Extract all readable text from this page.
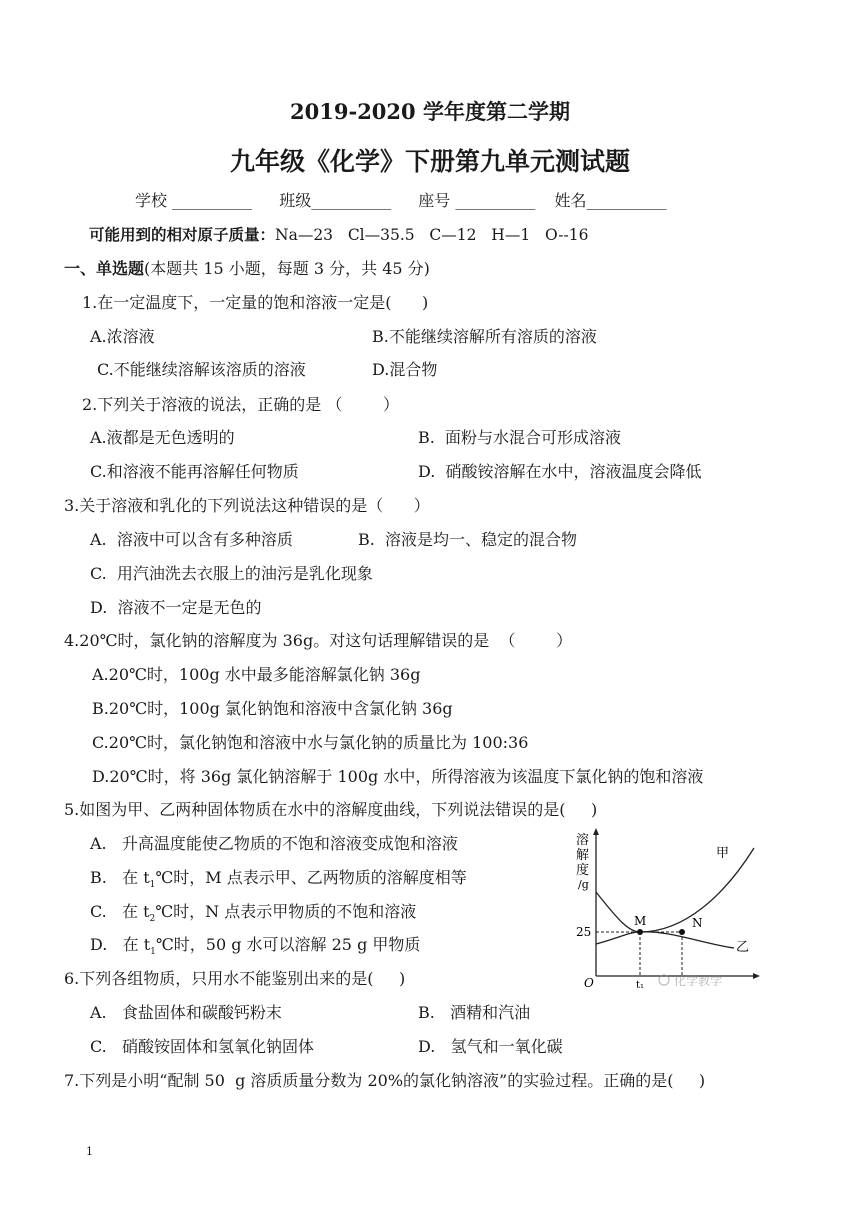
2019-2020 学年度第二学期
九年级《化学》下册第九单元测试题
学校 __________ 班级__________ 座号 __________ 姓名__________
可能用到的相对原子质量：Na—23   Cl—35.5   C—12   H—1   O--16
一、单选题(本题共 15 小题，每题 3 分，共 45 分)
1.在一定温度下，一定量的饱和溶液一定是(      )
A.浓溶液	B.不能继续溶解所有溶质的溶液
C.不能继续溶解该溶质的溶液	D.混合物
2.下列关于溶液的说法，正确的是 （        ）
A.液都是无色透明的	B.  面粉与水混合可形成溶液
C.和溶液不能再溶解任何物质	D.  硝酸铵溶解在水中，溶液温度会降低
3.关于溶液和乳化的下列说法这种错误的是（      ）
A.  溶液中可以含有多种溶质	B.  溶液是均一、稳定的混合物
C.  用汽油洗去衣服上的油污是乳化现象
D.  溶液不一定是无色的
4.20℃时，氯化钠的溶解度为 36g。对这句话理解错误的是  （        ）
A.20℃时，100g 水中最多能溶解氯化钠 36g
B.20℃时，100g 氯化钠饱和溶液中含氯化钠 36g
C.20℃时，氯化钠饱和溶液中水与氯化钠的质量比为 100:36
D.20℃时，将 36g 氯化钠溶解于 100g 水中，所得溶液为该温度下氯化钠的饱和溶液
5.如图为甲、乙两种固体物质在水中的溶解度曲线，下列说法错误的是(     )
A.   升高温度能使乙物质的不饱和溶液变成饱和溶液
B.   在 $t_1℃$时，M 点表示甲、乙两物质的溶解度相等
C.   在 $t_2℃$时，N 点表示甲物质的不饱和溶液
D.   在 $t_1℃$时，50 g 水可以溶解 25 g 甲物质
溶
解
度
/g
25
M	N
甲
乙
O	t₁ 化学教学
6.下列各组物质，只用水不能鉴别出来的是(     )
A.   食盐固体和碳酸钙粉末	B.   酒精和汽油
C.   硝酸铵固体和氢氧化钠固体	D.   氢气和一氧化碳
7.下列是小明“配制 50  g 溶质质量分数为 20%的氯化钠溶液”的实验过程。正确的是(     )
1
